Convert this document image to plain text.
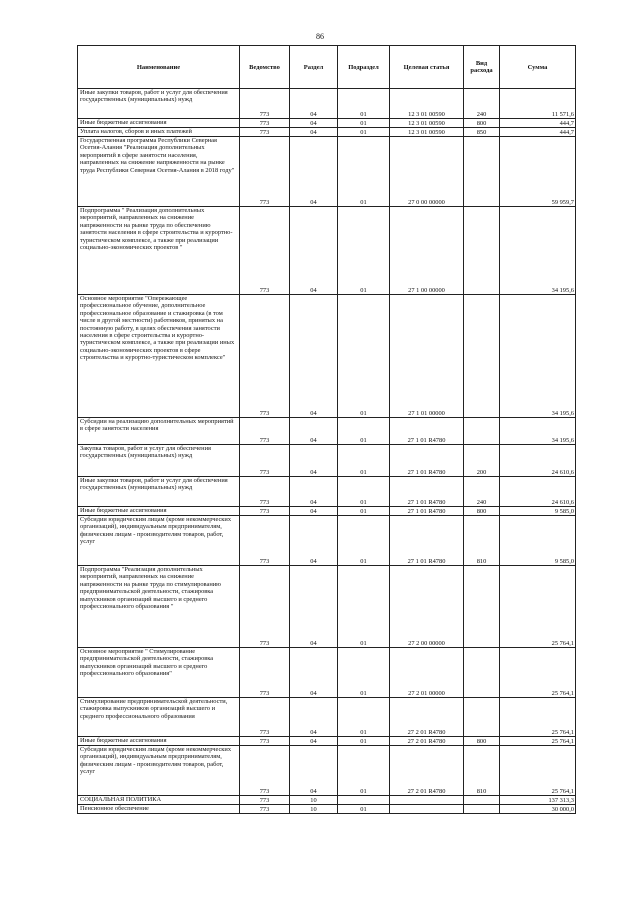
86
Наименование	Ведомство	Раздел	Подраздел	Целевая статья	Вид расхода	Сумма
Иные закупки товаров, работ и услуг для обеспечения государственных (муниципальных) нужд	773	04	01	12 3 01 00590	240	11 571,6
Иные бюджетные ассигнования	773	04	01	12 3 01 00590	800	444,7
Уплата налогов, сборов и иных платежей	773	04	01	12 3 01 00590	850	444,7
Государственная программа Республики Северная Осетия-Алания "Реализация дополнительных мероприятий в сфере занятости населения, направленных на снижение напряженности на рынке труда Республики Северная Осетия-Алания в 2018 году"	773	04	01	27 0 00 00000		59 959,7
Подпрограмма " Реализация дополнительных мероприятий, направленных на снижение напряженности на рынке труда по обеспечению занятости населения в сфере строительства и курортно-туристическом комплексе, а также при реализации социально-экономических проектов "	773	04	01	27 1 00 00000		34 195,6
Основное мероприятие "Опережающее профессиональное обучение, дополнительное профессиональное образование и стажировка (в том числе в другой местности) работников, принятых на постоянную работу, в целях обеспечения занятости населения в сфере строительства и курортно-туристическом комплексе, а также при реализации иных социально-экономических проектов в сфере строительства и курортно-туристическом комплексе"	773	04	01	27 1 01 00000		34 195,6
Субсидии на реализацию дополнительных мероприятий в сфере занятости населения	773	04	01	27 1 01 R4780		34 195,6
Закупка товаров, работ и услуг для обеспечения государственных (муниципальных) нужд	773	04	01	27 1 01 R4780	200	24 610,6
Иные закупки товаров, работ и услуг для обеспечения государственных (муниципальных) нужд	773	04	01	27 1 01 R4780	240	24 610,6
Иные бюджетные ассигнования	773	04	01	27 1 01 R4780	800	9 585,0
Субсидии юридическим лицам (кроме некоммерческих организаций), индивидуальным предпринимателям, физическим лицам - производителям товаров, работ, услуг	773	04	01	27 1 01 R4780	810	9 585,0
Подпрограмма "Реализация дополнительных мероприятий, направленных на снижение напряженности на рынке труда по стимулированию предпринимательской деятельности, стажировка выпускников организаций высшего и среднего профессионального образования "	773	04	01	27 2 00 00000		25 764,1
Основное мероприятие " Стимулирование предпринимательской деятельности, стажировка выпускников организаций высшего и среднего профессионального образования"	773	04	01	27 2 01 00000		25 764,1
Стимулирование предпринимательской деятельности, стажировка выпускников организаций высшего и среднего профессионального образования	773	04	01	27 2 01 R4780		25 764,1
Иные бюджетные ассигнования	773	04	01	27 2 01 R4780	800	25 764,1
Субсидии юридическим лицам (кроме некоммерческих организаций), индивидуальным предпринимателям, физическим лицам - производителям товаров, работ, услуг	773	04	01	27 2 01 R4780	810	25 764,1
СОЦИАЛЬНАЯ ПОЛИТИКА	773	10				137 313,3
Пенсионное обеспечение	773	10	01			30 000,0
